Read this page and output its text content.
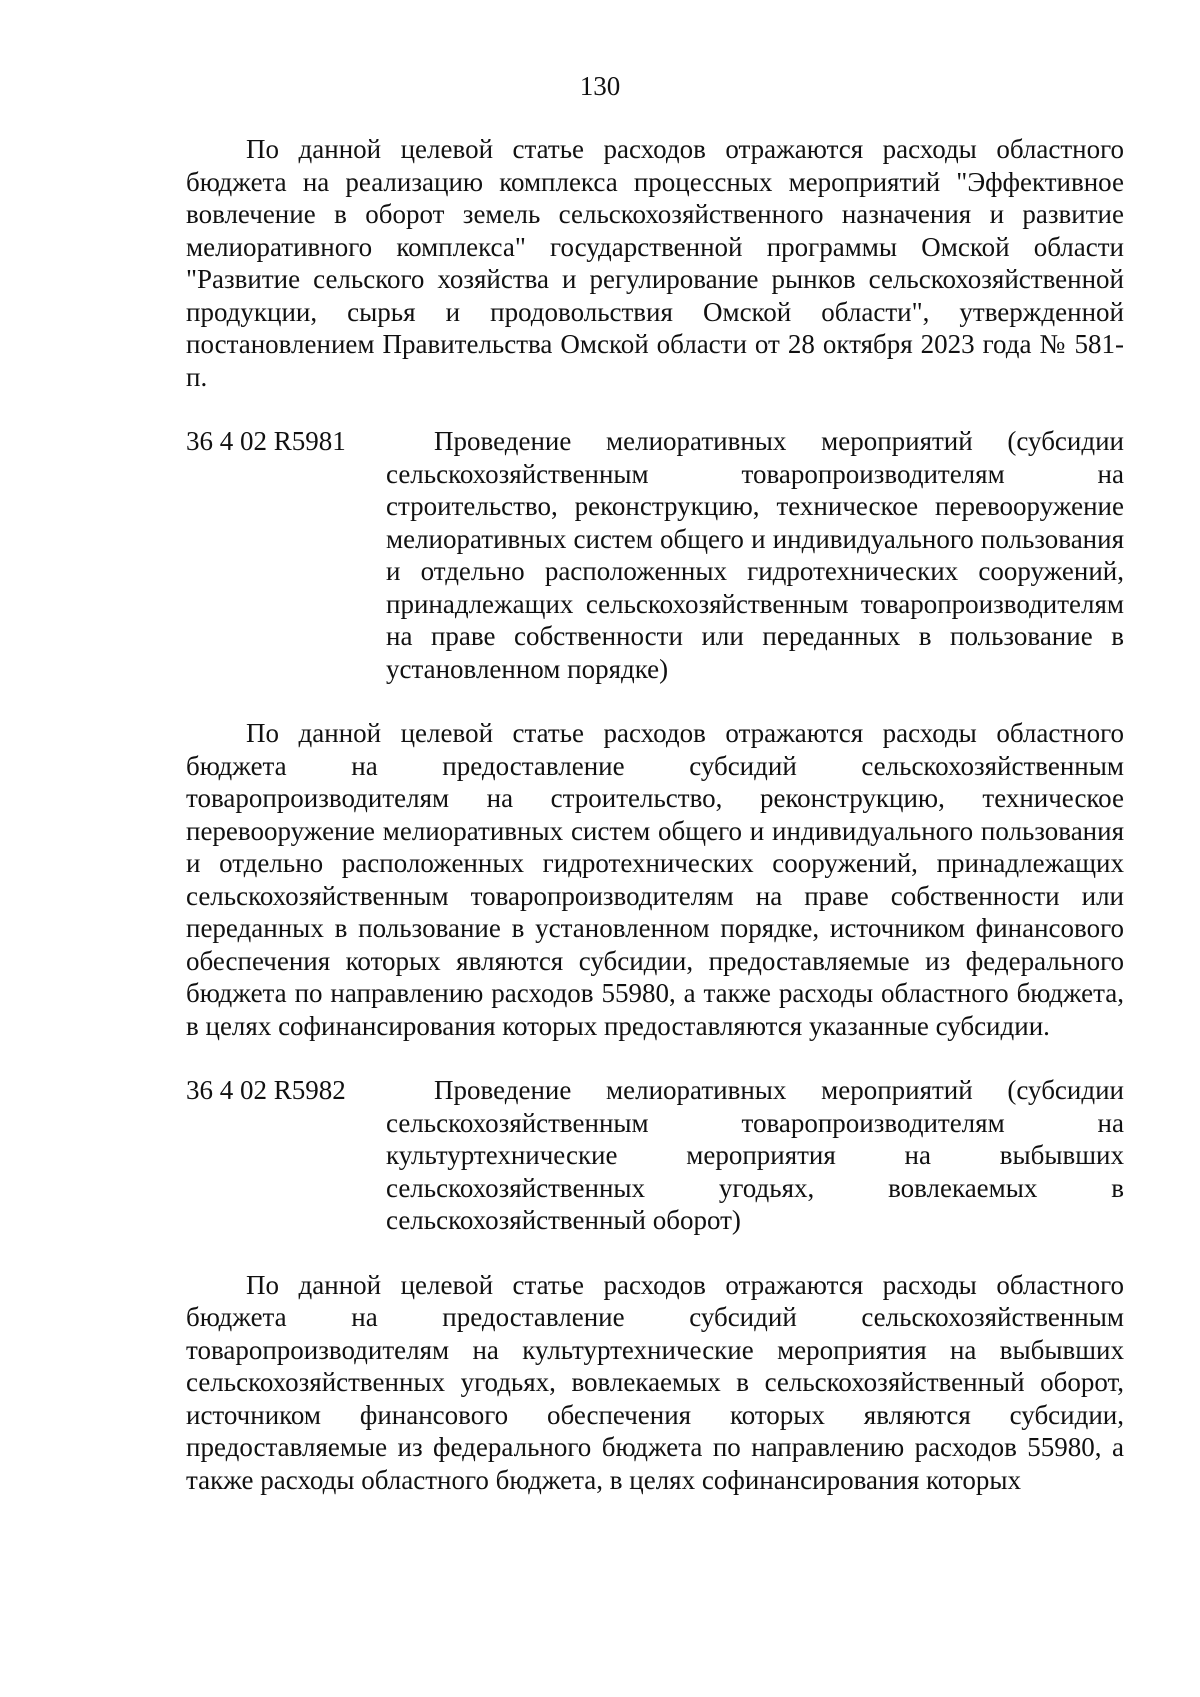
130

По данной целевой статье расходов отражаются расходы областного бюджета на реализацию комплекса процессных мероприятий "Эффективное вовлечение в оборот земель сельскохозяйственного назначения и развитие мелиоративного комплекса" государственной программы Омской области "Развитие сельского хозяйства и регулирование рынков сельскохозяйственной продукции, сырья и продовольствия Омской области", утвержденной постановлением Правительства Омской области от 28 октября 2023 года № 581-п.

36 4 02 R5981	Проведение мелиоративных мероприятий (субсидии сельскохозяйственным товаропроизводителям на строительство, реконструкцию, техническое перевооружение мелиоративных систем общего и индивидуального пользования и отдельно расположенных гидротехнических сооружений, принадлежащих сельскохозяйственным товаропроизводителям на праве собственности или переданных в пользование в установленном порядке)

По данной целевой статье расходов отражаются расходы областного бюджета на предоставление субсидий сельскохозяйственным товаропроизводителям на строительство, реконструкцию, техническое перевооружение мелиоративных систем общего и индивидуального пользования и отдельно расположенных гидротехнических сооружений, принадлежащих сельскохозяйственным товаропроизводителям на праве собственности или переданных в пользование в установленном порядке, источником финансового обеспечения которых являются субсидии, предоставляемые из федерального бюджета по направлению расходов 55980, а также расходы областного бюджета, в целях софинансирования которых предоставляются указанные субсидии.

36 4 02 R5982	Проведение мелиоративных мероприятий (субсидии сельскохозяйственным товаропроизводителям на культуртехнические мероприятия на выбывших сельскохозяйственных угодьях, вовлекаемых в сельскохозяйственный оборот)

По данной целевой статье расходов отражаются расходы областного бюджета на предоставление субсидий сельскохозяйственным товаропроизводителям на культуртехнические мероприятия на выбывших сельскохозяйственных угодьях, вовлекаемых в сельскохозяйственный оборот, источником финансового обеспечения которых являются субсидии, предоставляемые из федерального бюджета по направлению расходов 55980, а также расходы областного бюджета, в целях софинансирования которых
